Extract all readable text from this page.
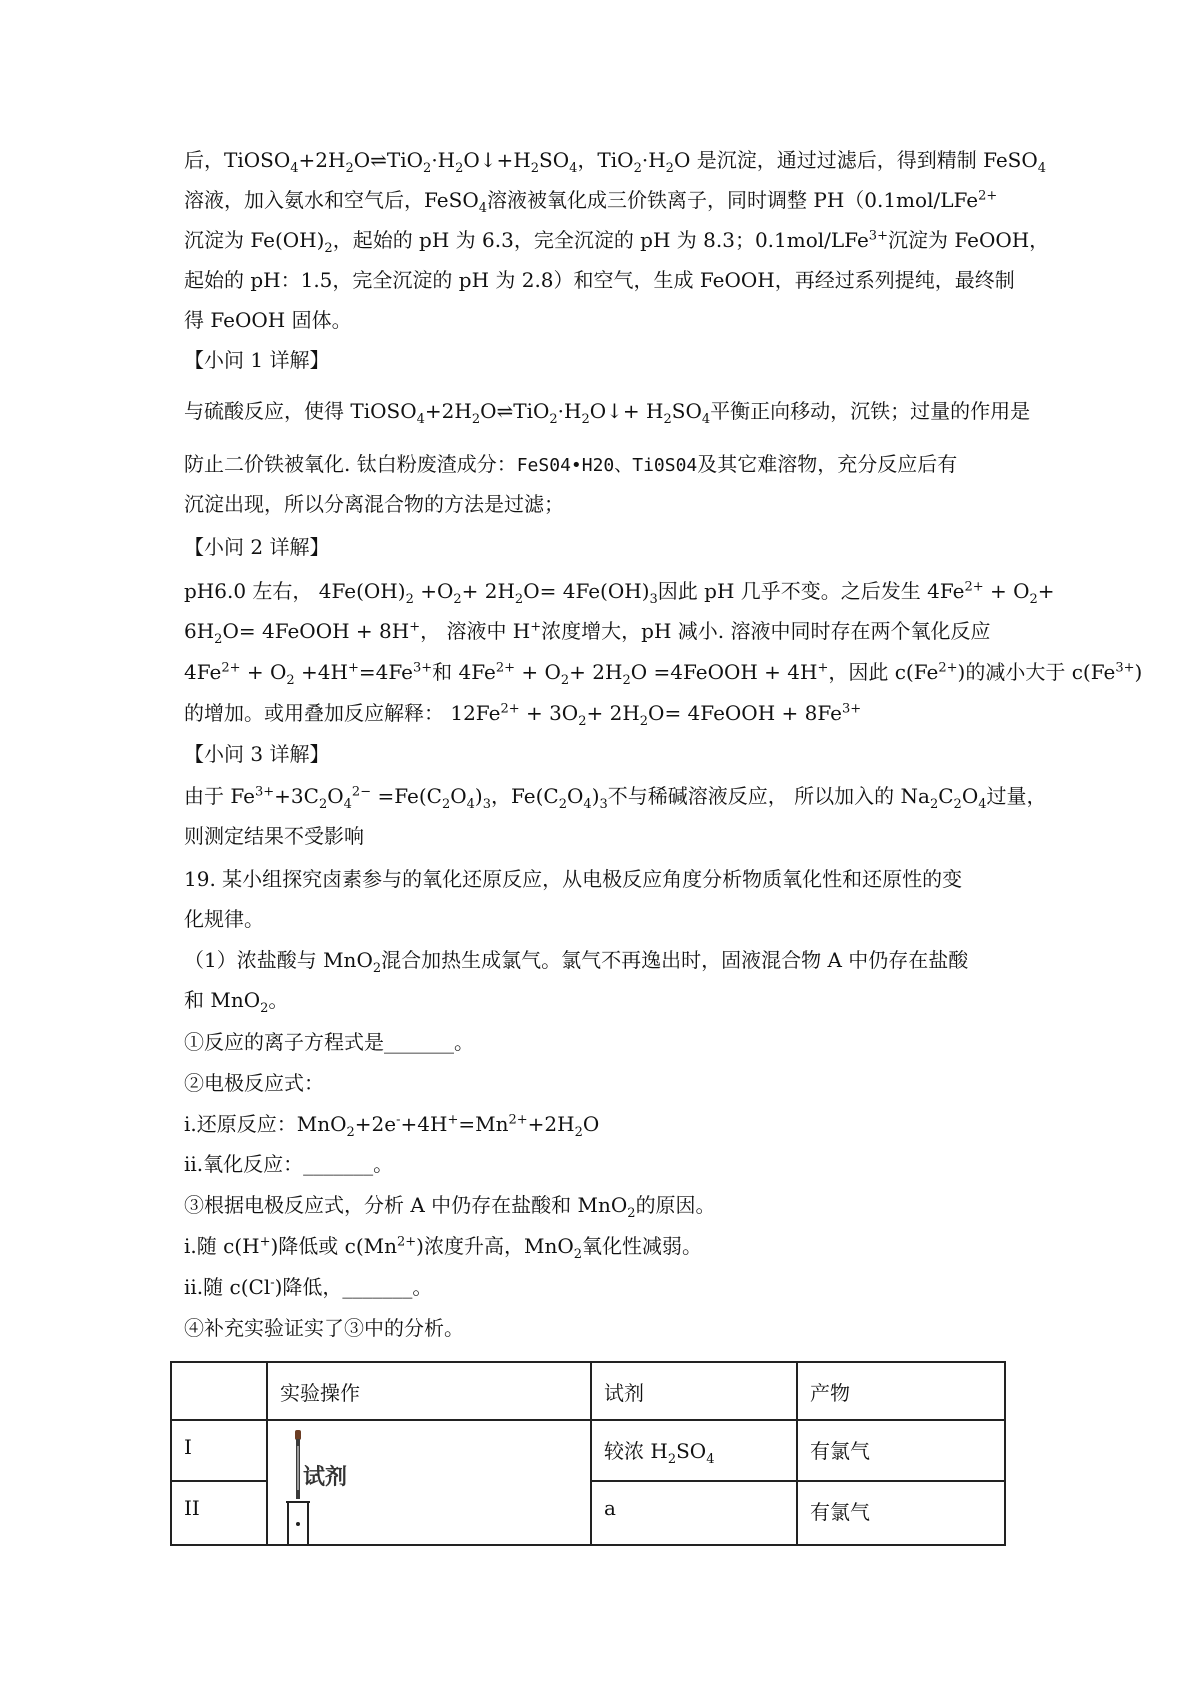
后，$TiOSO_4+2H_2O\rightleftharpoons TiO_2\cdot H_2O↓+H_2SO_4$，$TiO_2\cdot H_2O$ 是沉淀，通过过滤后，得到精制 FeSO$_4$
溶液，加入氨水和空气后，FeSO$_4$溶液被氧化成三价铁离子，同时调整 PH（0.1mol/LFe$^{2+}$
沉淀为 $Fe(OH)_2$，起始的 pH 为 6.3，完全沉淀的 pH 为 8.3；0.1mol/LFe$^{3+}$沉淀为 FeOOH，
起始的 pH：1.5，完全沉淀的 pH 为 2.8）和空气，生成 FeOOH，再经过系列提纯，最终制
得 FeOOH 固体。
【小问 1 详解】
与硫酸反应，使得 $TiOSO_4+2H_2O\rightleftharpoons TiO_2\cdot H_2O↓+ H_2SO_4$平衡正向移动，沉铁；过量的作用是
防止二价铁被氧化. 钛白粉废渣成分：FeS04•H20、Ti0S04及其它难溶物，充分反应后有
沉淀出现，所以分离混合物的方法是过滤；
【小问 2 详解】
pH6.0 左右， $4Fe(OH)_2 +O_2+ 2H_2O= 4Fe(OH)_3$因此 pH 几乎不变。之后发生 $4Fe^{2+} + O_2+$
$6H_2O=$ 4FeOOH + 8H+， 溶液中 H+浓度增大，pH 减小. 溶液中同时存在两个氧化反应
$4Fe^{2+} + O_2 +4H^+=4Fe^{3+}$和 $4Fe^{2+} + O_2+ 2H_2O$ =4FeOOH + 4H+，因此 $c(Fe^{2+})$的减小大于 $c(Fe^{3+})$
的增加。或用叠加反应解释： $12Fe^{2+} + 3O_2+ 2H_2O=$ 4FeOOH + $8Fe^{3+}$
【小问 3 详解】
由于 $Fe^{3+}+3C_2O_4^{2-} =Fe(C_2O_4)_3$，$Fe(C_2O_4)_3$不与稀碱溶液反应， 所以加入的 $Na_2C_2O_4$过量，
则测定结果不受影响
19. 某小组探究卤素参与的氧化还原反应，从电极反应角度分析物质氧化性和还原性的变
化规律。
（1）浓盐酸与 MnO$_2$混合加热生成氯气。氯气不再逸出时，固液混合物 A 中仍存在盐酸
和 MnO$_2$。
①反应的离子方程式是_______。
②电极反应式：
i.还原反应：$MnO_2+2e^-+4H^+=Mn^{2+}+2H_2O$
ii.氧化反应：_______。
③根据电极反应式，分析 A 中仍存在盐酸和 MnO$_2$的原因。
i.随 c(H+)降低或 $c(Mn^{2+})$浓度升高，MnO$_2$氧化性减弱。
ii.随 c(Cl-)降低，_______。
④补充实验证实了③中的分析。
	实验操作	试剂	产物
I		较浓 $H_2SO_4$	有氯气
II		a	有氯气
试剂
